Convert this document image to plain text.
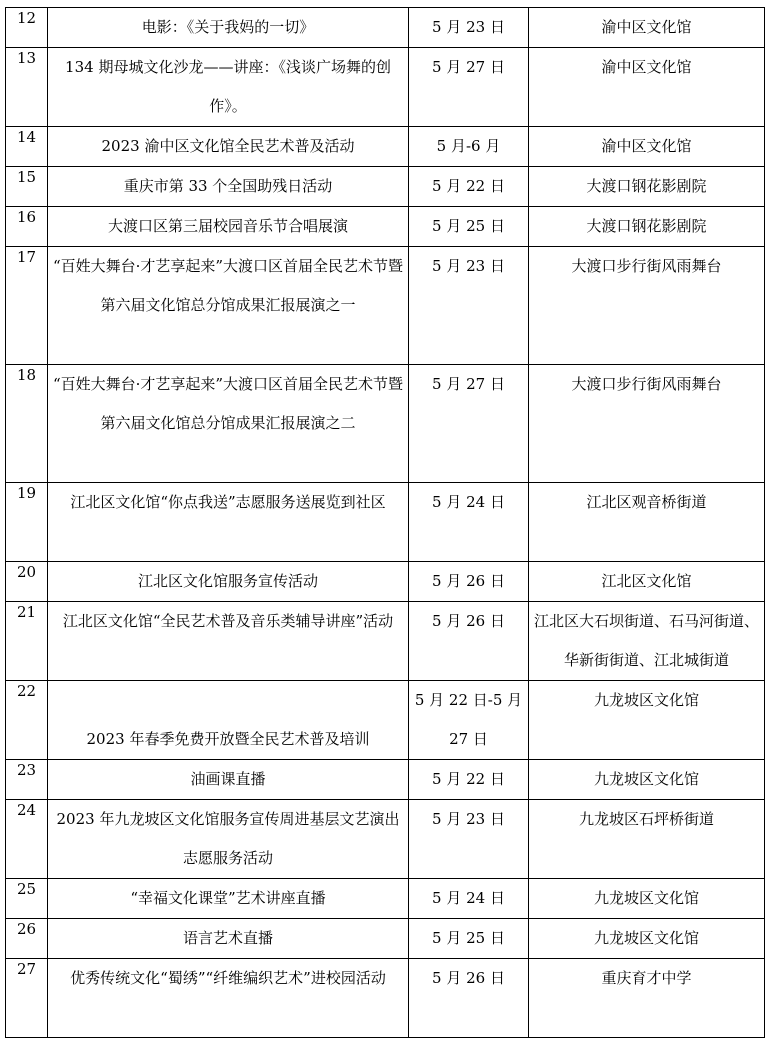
12	电影：《关于我妈的一切》	5 月 23 日	渝中区文化馆
13	134 期母城文化沙龙——讲座：《浅谈广场舞的创作》。	5 月 27 日	渝中区文化馆
14	2023 渝中区文化馆全民艺术普及活动	5 月-6 月	渝中区文化馆
15	重庆市第 33 个全国助残日活动	5 月 22 日	大渡口钢花影剧院
16	大渡口区第三届校园音乐节合唱展演	5 月 25 日	大渡口钢花影剧院
17	“百姓大舞台·才艺享起来”大渡口区首届全民艺术节暨第六届文化馆总分馆成果汇报展演之一	5 月 23 日	大渡口步行街风雨舞台
18	“百姓大舞台·才艺享起来”大渡口区首届全民艺术节暨第六届文化馆总分馆成果汇报展演之二	5 月 27 日	大渡口步行街风雨舞台
19	江北区文化馆“你点我送”志愿服务送展览到社区	5 月 24 日	江北区观音桥街道
20	江北区文化馆服务宣传活动	5 月 26 日	江北区文化馆
21	江北区文化馆“全民艺术普及音乐类辅导讲座”活动	5 月 26 日	江北区大石坝街道、石马河街道、华新街街道、江北城街道
22	2023 年春季免费开放暨全民艺术普及培训	5 月 22 日-5 月 27 日	九龙坡区文化馆
23	油画课直播	5 月 22 日	九龙坡区文化馆
24	2023 年九龙坡区文化馆服务宣传周进基层文艺演出志愿服务活动	5 月 23 日	九龙坡区石坪桥街道
25	“幸福文化课堂”艺术讲座直播	5 月 24 日	九龙坡区文化馆
26	语言艺术直播	5 月 25 日	九龙坡区文化馆
27	优秀传统文化“蜀绣”“纤维编织艺术”进校园活动	5 月 26 日	重庆育才中学
